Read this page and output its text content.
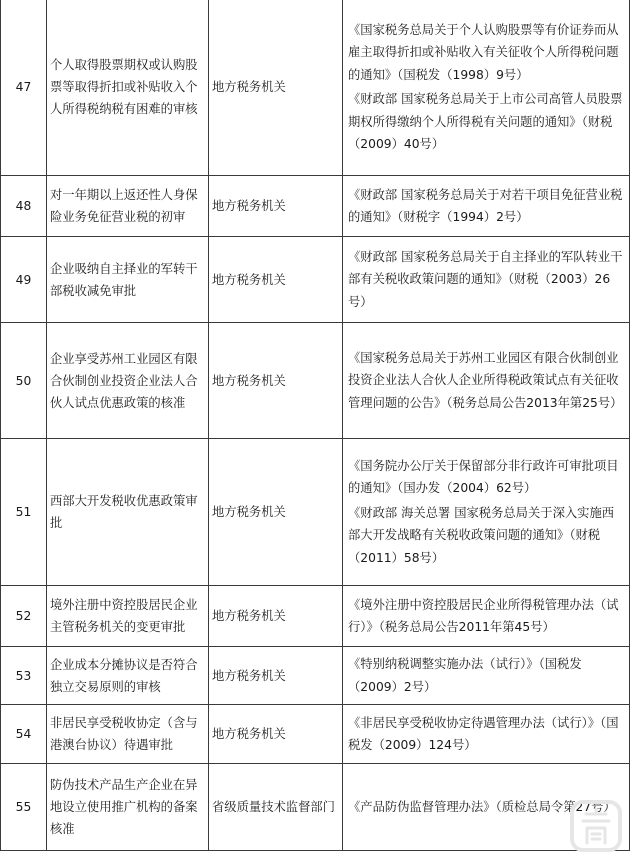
47	个人取得股票期权或认购股票等取得折扣或补贴收入个人所得税纳税有困难的审核	地方税务机关	《国家税务总局关于个人认购股票等有价证券而从雇主取得折扣或补贴收入有关征收个人所得税问题的通知》（国税发（1998）9号）
《财政部 国家税务总局关于上市公司高管人员股票期权所得缴纳个人所得税有关问题的通知》（财税（2009）40号）

48	对一年期以上返还性人身保险业务免征营业税的初审	地方税务机关	《财政部 国家税务总局关于对若干项目免征营业税的通知》（财税字（1994）2号）

49	企业吸纳自主择业的军转干部税收减免审批	地方税务机关	《财政部 国家税务总局关于自主择业的军队转业干部有关税收政策问题的通知》（财税（2003）26号）

50	企业享受苏州工业园区有限合伙制创业投资企业法人合伙人试点优惠政策的核准	地方税务机关	《国家税务总局关于苏州工业园区有限合伙制创业投资企业法人合伙人企业所得税政策试点有关征收管理问题的公告》（税务总局公告2013年第25号）

51	西部大开发税收优惠政策审批	地方税务机关	《国务院办公厅关于保留部分非行政许可审批项目的通知》（国办发（2004）62号）
《财政部 海关总署 国家税务总局关于深入实施西部大开发战略有关税收政策问题的通知》（财税（2011）58号）

52	境外注册中资控股居民企业主管税务机关的变更审批	地方税务机关	《境外注册中资控股居民企业所得税管理办法（试行）》（税务总局公告2011年第45号）

53	企业成本分摊协议是否符合独立交易原则的审核	地方税务机关	《特别纳税调整实施办法（试行）》（国税发（2009）2号）

54	非居民享受税收协定（含与港澳台协议）待遇审批	地方税务机关	《非居民享受税收协定待遇管理办法（试行）》（国税发（2009）124号）

55	防伪技术产品生产企业在异地设立使用推广机构的备案核准	省级质量技术监督部门	《产品防伪监督管理办法》（质检总局令第27号）
